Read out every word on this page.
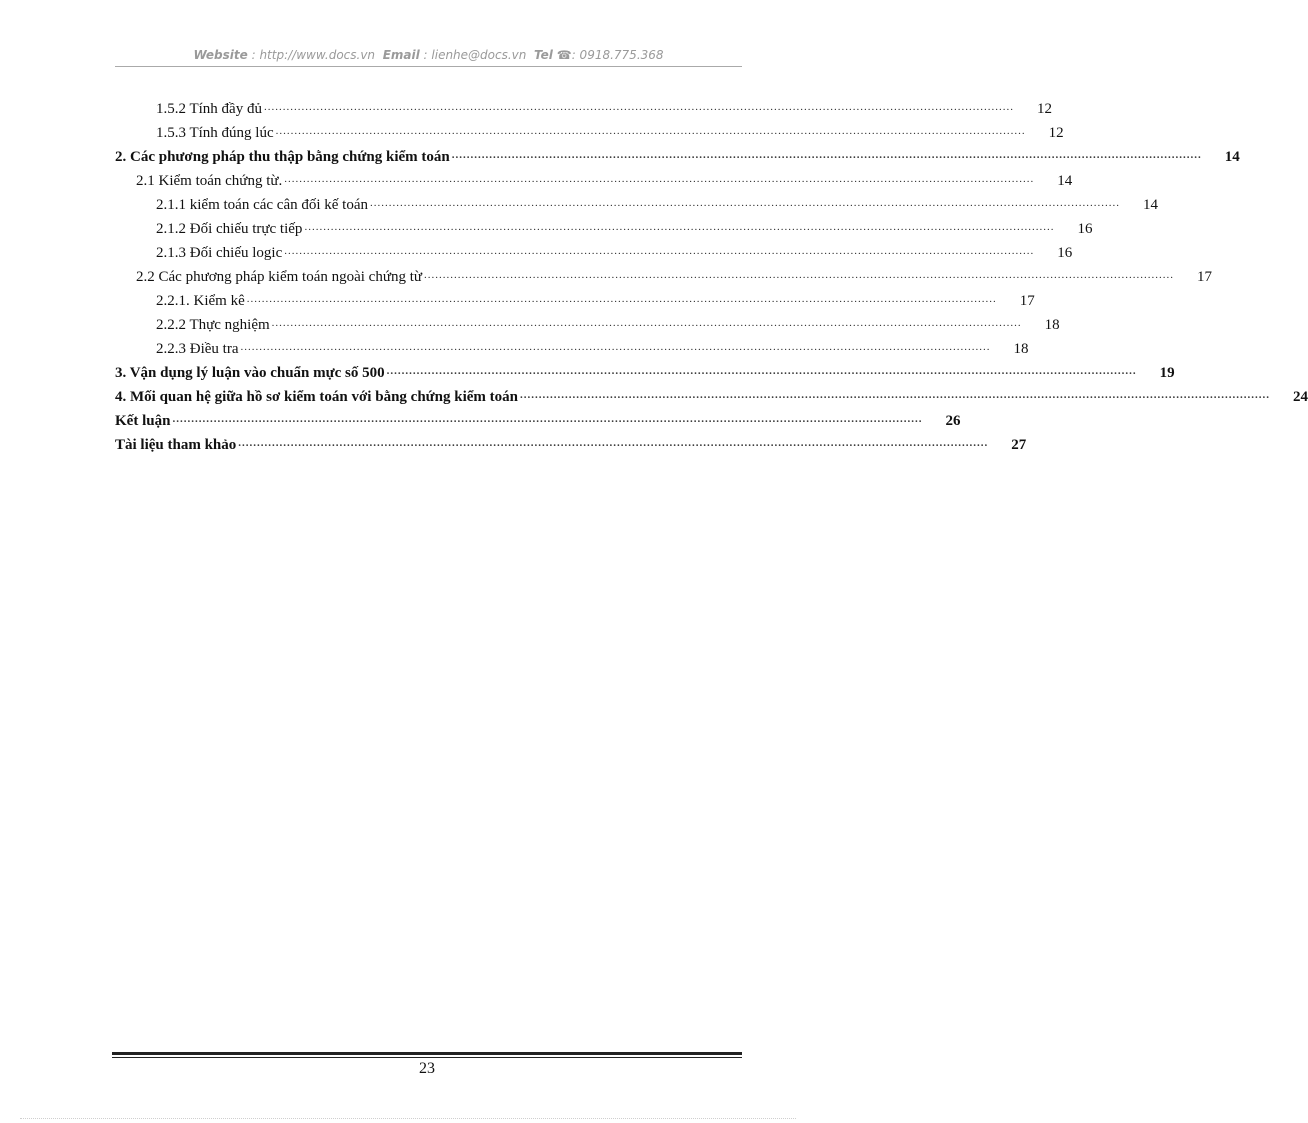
Website : http://www.docs.vn Email : lienhe@docs.vn Tel ☎: 0918.775.368
1.5.2 Tính đầy đủ ........................................................................................................................................................................................................	12
1.5.3 Tính đúng lúc ........................................................................................................................................................................................................	12
2. Các phương pháp thu thập bằng chứng kiểm toán ........................................................................................................................................................................................................	14
2.1 Kiểm toán chứng từ. ........................................................................................................................................................................................................	14
2.1.1 kiểm toán các cân đối kế toán ........................................................................................................................................................................................................	14
2.1.2 Đối chiếu trực tiếp ........................................................................................................................................................................................................	16
2.1.3 Đối chiếu logic ........................................................................................................................................................................................................	16
2.2 Các phương pháp kiểm toán ngoài chứng từ ........................................................................................................................................................................................................	17
2.2.1. Kiểm kê ........................................................................................................................................................................................................	17
2.2.2 Thực nghiệm ........................................................................................................................................................................................................	18
2.2.3 Điều tra ........................................................................................................................................................................................................	18
3. Vận dụng lý luận vào chuẩn mực số 500 ........................................................................................................................................................................................................	19
4. Mối quan hệ giữa hồ sơ kiểm toán với bằng chứng kiểm toán ........................................................................................................................................................................................................	24
Kết luận ........................................................................................................................................................................................................	26
Tài liệu tham khảo ........................................................................................................................................................................................................	27
23
